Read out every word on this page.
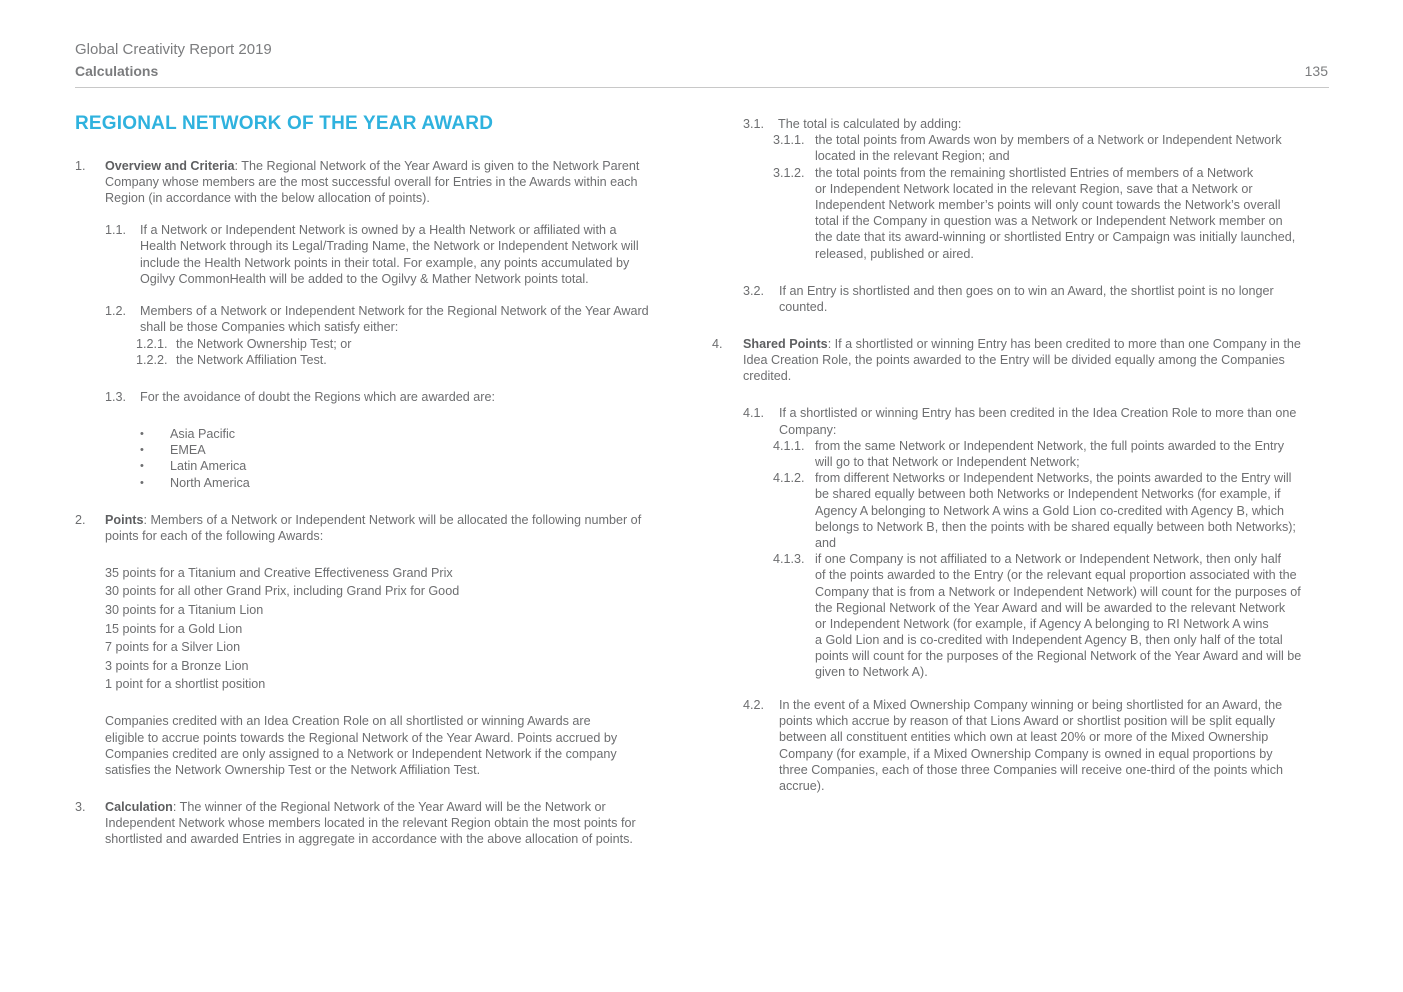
Global Creativity Report 2019
Calculations	135
REGIONAL NETWORK OF THE YEAR AWARD
1. Overview and Criteria: The Regional Network of the Year Award is given to the Network Parent
Company whose members are the most successful overall for Entries in the Awards within each
Region (in accordance with the below allocation of points).
1.1. If a Network or Independent Network is owned by a Health Network or affiliated with a
Health Network through its Legal/Trading Name, the Network or Independent Network will
include the Health Network points in their total. For example, any points accumulated by
Ogilvy CommonHealth will be added to the Ogilvy & Mather Network points total.
1.2. Members of a Network or Independent Network for the Regional Network of the Year Award
shall be those Companies which satisfy either:
1.2.1. the Network Ownership Test; or
1.2.2. the Network Affiliation Test.
1.3. For the avoidance of doubt the Regions which are awarded are:
• Asia Pacific
• EMEA
• Latin America
• North America
2. Points: Members of a Network or Independent Network will be allocated the following number of
points for each of the following Awards:
35 points for a Titanium and Creative Effectiveness Grand Prix
30 points for all other Grand Prix, including Grand Prix for Good
30 points for a Titanium Lion
15 points for a Gold Lion
7 points for a Silver Lion
3 points for a Bronze Lion
1 point for a shortlist position
Companies credited with an Idea Creation Role on all shortlisted or winning Awards are
eligible to accrue points towards the Regional Network of the Year Award. Points accrued by
Companies credited are only assigned to a Network or Independent Network if the company
satisfies the Network Ownership Test or the Network Affiliation Test.
3. Calculation: The winner of the Regional Network of the Year Award will be the Network or
Independent Network whose members located in the relevant Region obtain the most points for
shortlisted and awarded Entries in aggregate in accordance with the above allocation of points.
3.1. The total is calculated by adding:
3.1.1. the total points from Awards won by members of a Network or Independent Network
located in the relevant Region; and
3.1.2. the total points from the remaining shortlisted Entries of members of a Network
or Independent Network located in the relevant Region, save that a Network or
Independent Network member’s points will only count towards the Network’s overall
total if the Company in question was a Network or Independent Network member on
the date that its award-winning or shortlisted Entry or Campaign was initially launched,
released, published or aired.
3.2. If an Entry is shortlisted and then goes on to win an Award, the shortlist point is no longer
counted.
4. Shared Points: If a shortlisted or winning Entry has been credited to more than one Company in the
Idea Creation Role, the points awarded to the Entry will be divided equally among the Companies
credited.
4.1. If a shortlisted or winning Entry has been credited in the Idea Creation Role to more than one
Company:
4.1.1. from the same Network or Independent Network, the full points awarded to the Entry
will go to that Network or Independent Network;
4.1.2. from different Networks or Independent Networks, the points awarded to the Entry will
be shared equally between both Networks or Independent Networks (for example, if
Agency A belonging to Network A wins a Gold Lion co-credited with Agency B, which
belongs to Network B, then the points with be shared equally between both Networks);
and
4.1.3. if one Company is not affiliated to a Network or Independent Network, then only half
of the points awarded to the Entry (or the relevant equal proportion associated with the
Company that is from a Network or Independent Network) will count for the purposes of
the Regional Network of the Year Award and will be awarded to the relevant Network
or Independent Network (for example, if Agency A belonging to RI Network A wins
a Gold Lion and is co-credited with Independent Agency B, then only half of the total
points will count for the purposes of the Regional Network of the Year Award and will be
given to Network A).
4.2. In the event of a Mixed Ownership Company winning or being shortlisted for an Award, the
points which accrue by reason of that Lions Award or shortlist position will be split equally
between all constituent entities which own at least 20% or more of the Mixed Ownership
Company (for example, if a Mixed Ownership Company is owned in equal proportions by
three Companies, each of those three Companies will receive one-third of the points which
accrue).
